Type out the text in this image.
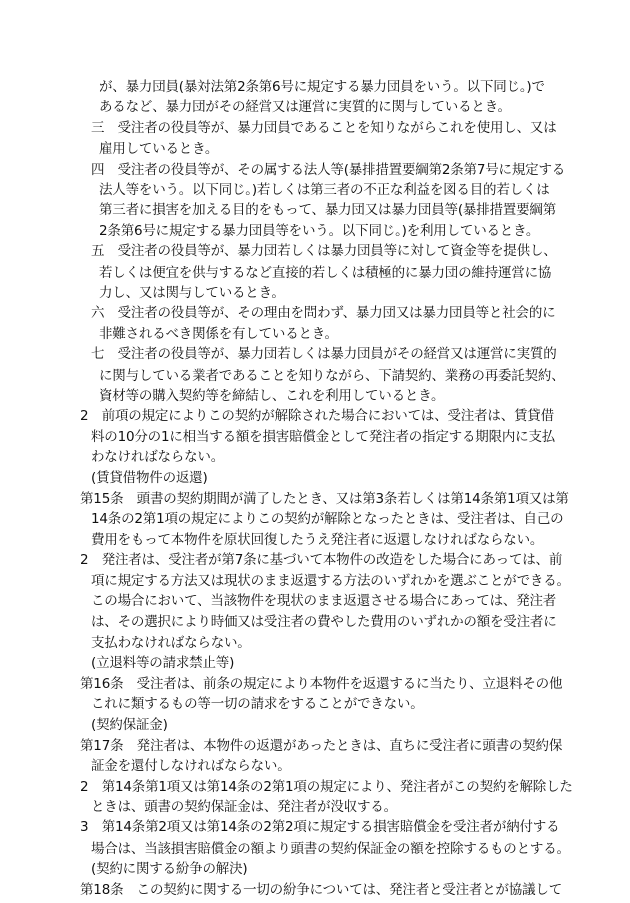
が、暴力団員(暴対法第2条第6号に規定する暴力団員をいう。以下同じ。)で
あるなど、暴力団がその経営又は運営に実質的に関与しているとき。
三　受注者の役員等が、暴力団員であることを知りながらこれを使用し、又は
雇用しているとき。
四　受注者の役員等が、その属する法人等(暴排措置要綱第2条第7号に規定する
法人等をいう。以下同じ。)若しくは第三者の不正な利益を図る目的若しくは
第三者に損害を加える目的をもって、暴力団又は暴力団員等(暴排措置要綱第
2条第6号に規定する暴力団員等をいう。以下同じ。)を利用しているとき。
五　受注者の役員等が、暴力団若しくは暴力団員等に対して資金等を提供し、
若しくは便宜を供与するなど直接的若しくは積極的に暴力団の維持運営に協
力し、又は関与しているとき。
六　受注者の役員等が、その理由を問わず、暴力団又は暴力団員等と社会的に
非難されるべき関係を有しているとき。
七　受注者の役員等が、暴力団若しくは暴力団員がその経営又は運営に実質的
に関与している業者であることを知りながら、下請契約、業務の再委託契約、
資材等の購入契約等を締結し、これを利用しているとき。
2　前項の規定によりこの契約が解除された場合においては、受注者は、賃貸借
料の10分の1に相当する額を損害賠償金として発注者の指定する期限内に支払
わなければならない。
(賃貸借物件の返還)
第15条　頭書の契約期間が満了したとき、又は第3条若しくは第14条第1項又は第
14条の2第1項の規定によりこの契約が解除となったときは、受注者は、自己の
費用をもって本物件を原状回復したうえ発注者に返還しなければならない。
2　発注者は、受注者が第7条に基づいて本物件の改造をした場合にあっては、前
項に規定する方法又は現状のまま返還する方法のいずれかを選ぶことができる。
この場合において、当該物件を現状のまま返還させる場合にあっては、発注者
は、その選択により時価又は受注者の費やした費用のいずれかの額を受注者に
支払わなければならない。
(立退料等の請求禁止等)
第16条　受注者は、前条の規定により本物件を返還するに当たり、立退料その他
これに類するもの等一切の請求をすることができない。
(契約保証金)
第17条　発注者は、本物件の返還があったときは、直ちに受注者に頭書の契約保
証金を還付しなければならない。
2　第14条第1項又は第14条の2第1項の規定により、発注者がこの契約を解除した
ときは、頭書の契約保証金は、発注者が没収する。
3　第14条第2項又は第14条の2第2項に規定する損害賠償金を受注者が納付する
場合は、当該損害賠償金の額より頭書の契約保証金の額を控除するものとする。
(契約に関する紛争の解決)
第18条　この契約に関する一切の紛争については、発注者と受注者とが協議して
